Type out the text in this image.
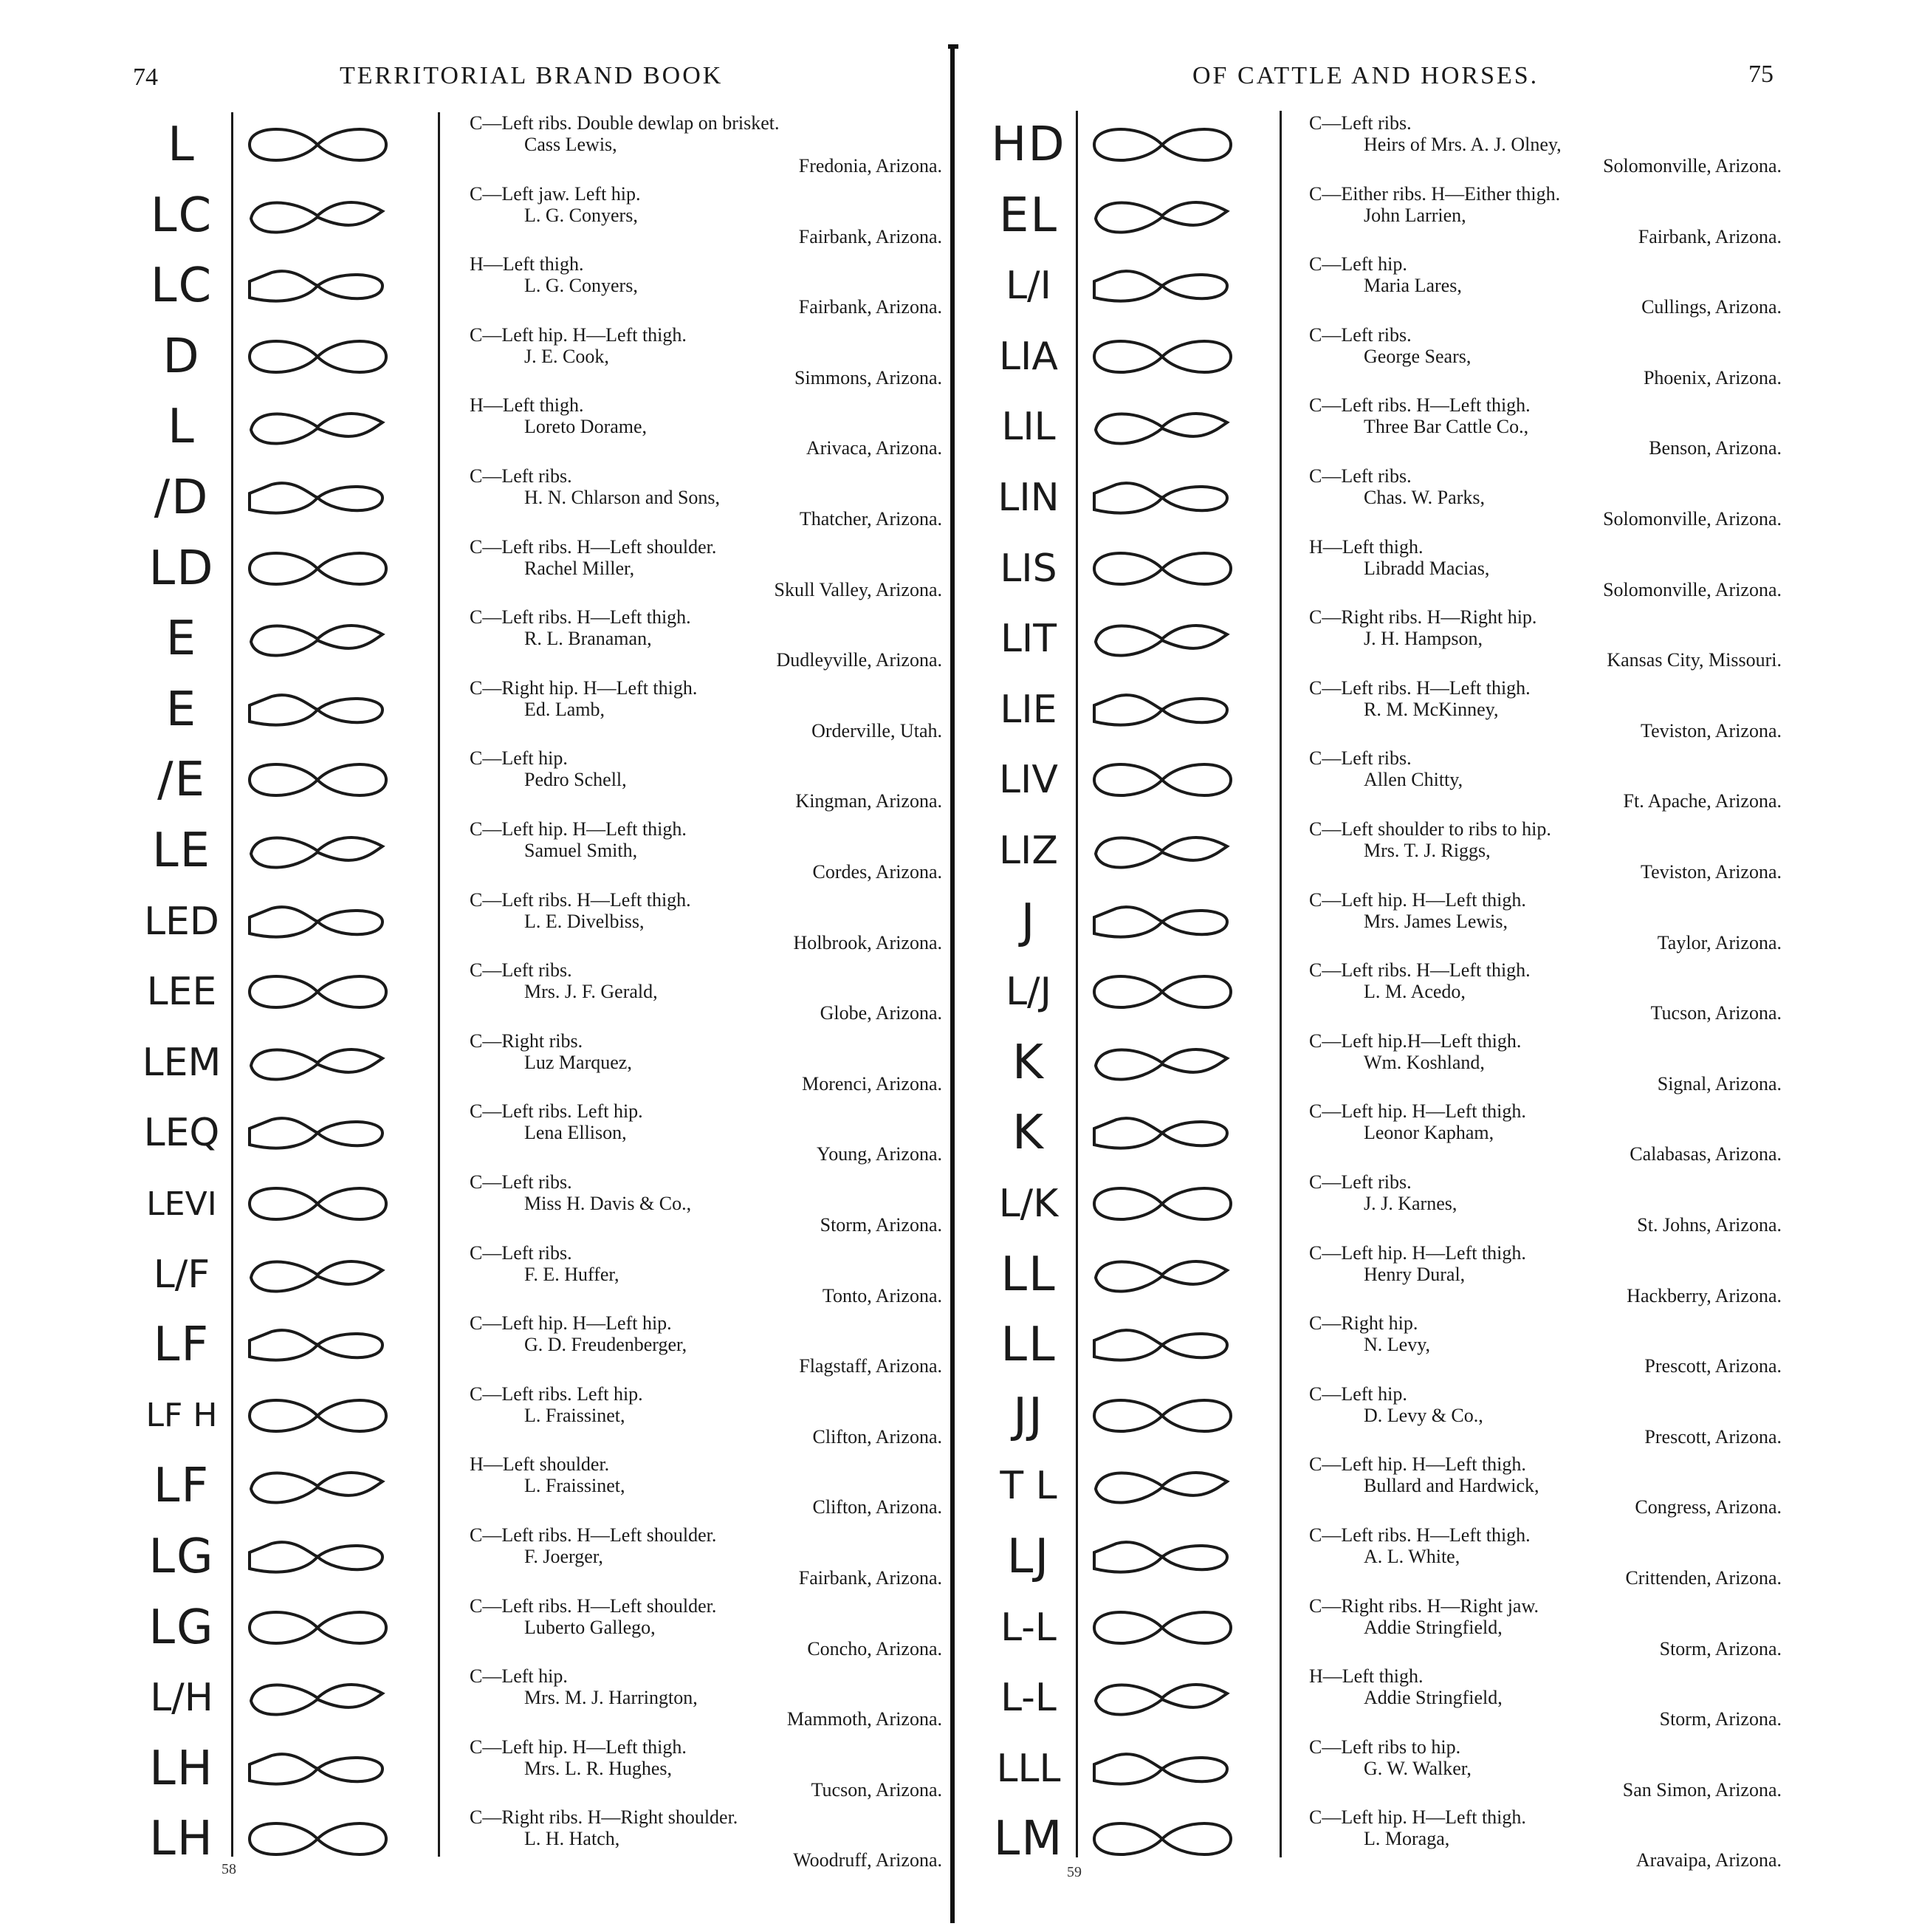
74	TERRITORIAL BRAND BOOK	OF CATTLE AND HORSES.	75
L	C—Left ribs. Double dewlap on brisket.
Cass Lewis,
Fredonia, Arizona.
LC	C—Left jaw. Left hip.
L. G. Conyers,
Fairbank, Arizona.
LC	H—Left thigh.
L. G. Conyers,
Fairbank, Arizona.
D	C—Left hip. H—Left thigh.
J. E. Cook,
Simmons, Arizona.
L	H—Left thigh.
Loreto Dorame,
Arivaca, Arizona.
/D	C—Left ribs.
H. N. Chlarson and Sons,
Thatcher, Arizona.
LD	C—Left ribs. H—Left shoulder.
Rachel Miller,
Skull Valley, Arizona.
E	C—Left ribs. H—Left thigh.
R. L. Branaman,
Dudleyville, Arizona.
E	C—Right hip. H—Left thigh.
Ed. Lamb,
Orderville, Utah.
/E	C—Left hip.
Pedro Schell,
Kingman, Arizona.
LE	C—Left hip. H—Left thigh.
Samuel Smith,
Cordes, Arizona.
LED	C—Left ribs. H—Left thigh.
L. E. Divelbiss,
Holbrook, Arizona.
LEE	C—Left ribs.
Mrs. J. F. Gerald,
Globe, Arizona.
LEM	C—Right ribs.
Luz Marquez,
Morenci, Arizona.
LEQ	C—Left ribs. Left hip.
Lena Ellison,
Young, Arizona.
LEVI
C—Left ribs.
Miss H. Davis & Co.,
Storm, Arizona.
L/F	C—Left ribs.
F. E. Huffer,
Tonto, Arizona.
LF	C—Left hip. H—Left hip.
G. D. Freudenberger,
Flagstaff, Arizona.
LF H
C—Left ribs. Left hip.
L. Fraissinet,
Clifton, Arizona.
LF	H—Left shoulder.
L. Fraissinet,
Clifton, Arizona.
LG	C—Left ribs. H—Left shoulder.
F. Joerger,
Fairbank, Arizona.
LG	C—Left ribs. H—Left shoulder.
Luberto Gallego,
Concho, Arizona.
L/H	C—Left hip.
Mrs. M. J. Harrington,
Mammoth, Arizona.
LH	C—Left hip. H—Left thigh.
Mrs. L. R. Hughes,
Tucson, Arizona.
LH	C—Right ribs. H—Right shoulder.
L. H. Hatch,
Woodruff, Arizona.
HD	C—Left ribs.
Heirs of Mrs. A. J. Olney,
Solomonville, Arizona.
EL	C—Either ribs. H—Either thigh.
John Larrien,
Fairbank, Arizona.
L/I	C—Left hip.
Maria Lares,
Cullings, Arizona.
LIA	C—Left ribs.
George Sears,
Phoenix, Arizona.
LIL	C—Left ribs. H—Left thigh.
Three Bar Cattle Co.,
Benson, Arizona.
LIN	C—Left ribs.
Chas. W. Parks,
Solomonville, Arizona.
LIS	H—Left thigh.
Libradd Macias,
Solomonville, Arizona.
LIT	C—Right ribs. H—Right hip.
J. H. Hampson,
Kansas City, Missouri.
LIE	C—Left ribs. H—Left thigh.
R. M. McKinney,
Teviston, Arizona.
LIV	C—Left ribs.
Allen Chitty,
Ft. Apache, Arizona.
LIZ	C—Left shoulder to ribs to hip.
Mrs. T. J. Riggs,
Teviston, Arizona.
J	C—Left hip. H—Left thigh.
Mrs. James Lewis,
Taylor, Arizona.
L/J	C—Left ribs. H—Left thigh.
L. M. Acedo,
Tucson, Arizona.
K	C—Left hip.H—Left thigh.
Wm. Koshland,
Signal, Arizona.
K	C—Left hip. H—Left thigh.
Leonor Kapham,
Calabasas, Arizona.
L/K	C—Left ribs.
J. J. Karnes,
St. Johns, Arizona.
LL	C—Left hip. H—Left thigh.
Henry Dural,
Hackberry, Arizona.
LL	C—Right hip.
N. Levy,
Prescott, Arizona.
JJ	C—Left hip.
D. Levy & Co.,
Prescott, Arizona.
T L	C—Left hip. H—Left thigh.
Bullard and Hardwick,
Congress, Arizona.
LJ	C—Left ribs. H—Left thigh.
A. L. White,
Crittenden, Arizona.
L-L	C—Right ribs. H—Right jaw.
Addie Stringfield,
Storm, Arizona.
L-L	H—Left thigh.
Addie Stringfield,
Storm, Arizona.
LLL	C—Left ribs to hip.
G. W. Walker,
San Simon, Arizona.
LM	C—Left hip. H—Left thigh.
L. Moraga,
Aravaipa, Arizona.
58	59
